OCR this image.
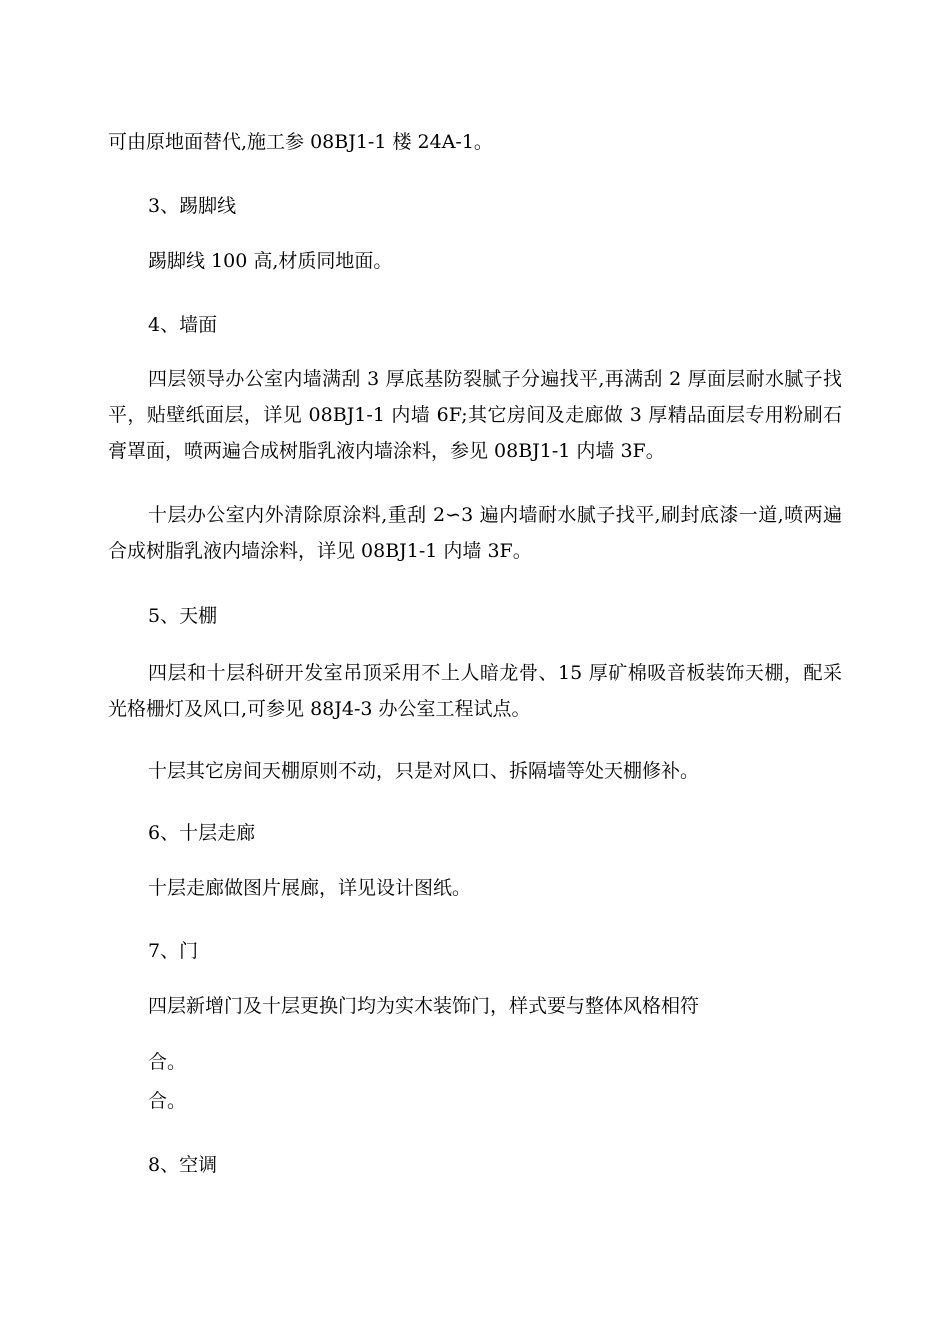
可由原地面替代,施工参 08BJ1-1 楼 24A-1。
3、踢脚线
踢脚线 100 高,材质同地面。
4、墙面
四层领导办公室内墙满刮 3 厚底基防裂腻子分遍找平,再满刮 2 厚面层耐水腻子找平，贴壁纸面层，详见 08BJ1-1 内墙 6F;其它房间及走廊做 3 厚精品面层专用粉刷石膏罩面，喷两遍合成树脂乳液内墙涂料，参见 08BJ1-1 内墙 3F。
十层办公室内外清除原涂料,重刮 2∽3 遍内墙耐水腻子找平,刷封底漆一道,喷两遍合成树脂乳液内墙涂料，详见 08BJ1-1 内墙 3F。
5、天棚
四层和十层科研开发室吊顶采用不上人暗龙骨、15 厚矿棉吸音板装饰天棚，配采光格栅灯及风口,可参见 88J4-3 办公室工程试点。
十层其它房间天棚原则不动，只是对风口、拆隔墙等处天棚修补。
6、十层走廊
十层走廊做图片展廊，详见设计图纸。
7、门
四层新增门及十层更换门均为实木装饰门，样式要与整体风格相符
合。
合。
8、空调
